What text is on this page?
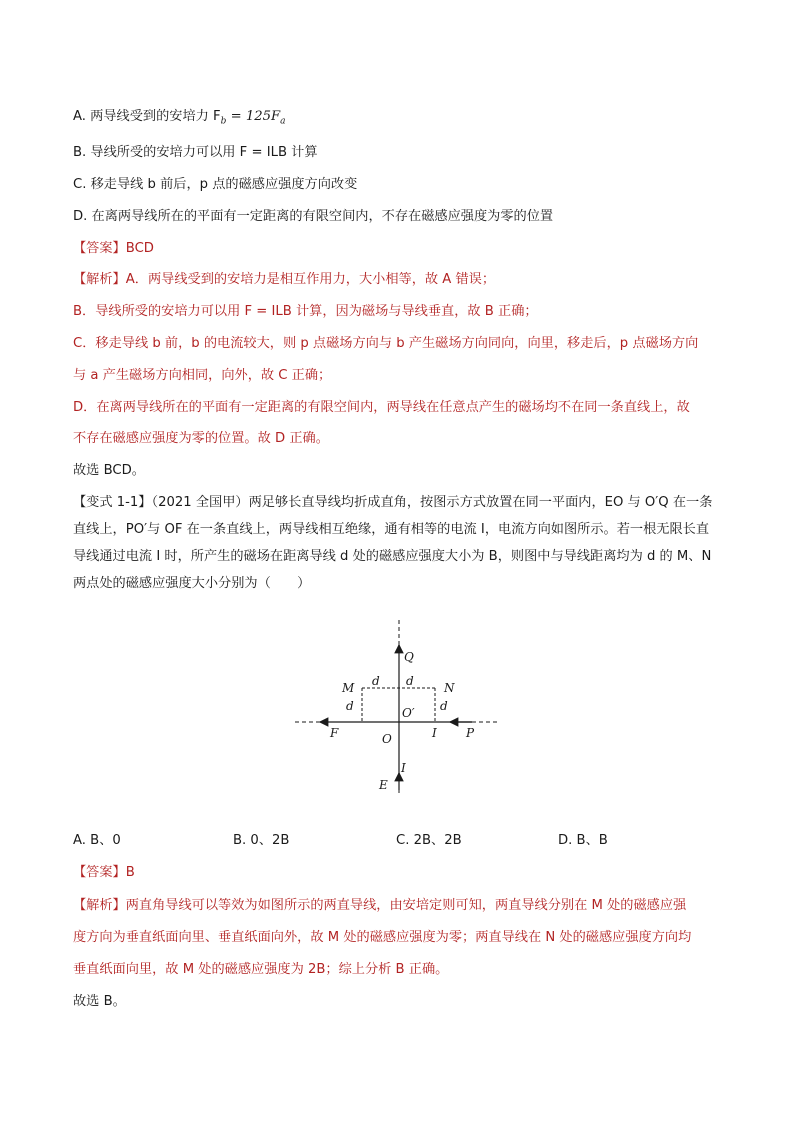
A. 两导线受到的安培力 $F_b = 125F_a$
B. 导线所受的安培力可以用 F = ILB 计算
C. 移走导线 b 前后，p 点的磁感应强度方向改变
D. 在离两导线所在的平面有一定距离的有限空间内，不存在磁感应强度为零的位置
【答案】BCD
【解析】A．两导线受到的安培力是相互作用力，大小相等，故 A 错误；
B．导线所受的安培力可以用 F = ILB 计算，因为磁场与导线垂直，故 B 正确；
C．移走导线 b 前，b 的电流较大，则 p 点磁场方向与 b 产生磁场方向同向，向里，移走后，p 点磁场方向
与 a 产生磁场方向相同，向外，故 C 正确；
D．在离两导线所在的平面有一定距离的有限空间内，两导线在任意点产生的磁场均不在同一条直线上，故
不存在磁感应强度为零的位置。故 D 正确。
故选 BCD。
【变式 1-1】（2021 全国甲）两足够长直导线均折成直角，按图示方式放置在同一平面内，EO 与 O′Q 在一条直线上，PO′与 OF 在一条直线上，两导线相互绝缘，通有相等的电流 I，电流方向如图所示。若一根无限长直导线通过电流 I 时，所产生的磁场在距离导线 d 处的磁感应强度大小为 B，则图中与导线距离均为 d 的 M、N 两点处的磁感应强度大小分别为（　　）
Q
M	N
d d
d	d
O′
O
F	P
I
I
E
A. B、0	B. 0、2B	C. 2B、2B	D. B、B
【答案】B
【解析】两直角导线可以等效为如图所示的两直导线，由安培定则可知，两直导线分别在 M 处的磁感应强
度方向为垂直纸面向里、垂直纸面向外，故 M 处的磁感应强度为零；两直导线在 N 处的磁感应强度方向均
垂直纸面向里，故 M 处的磁感应强度为 2B；综上分析 B 正确。
故选 B。
